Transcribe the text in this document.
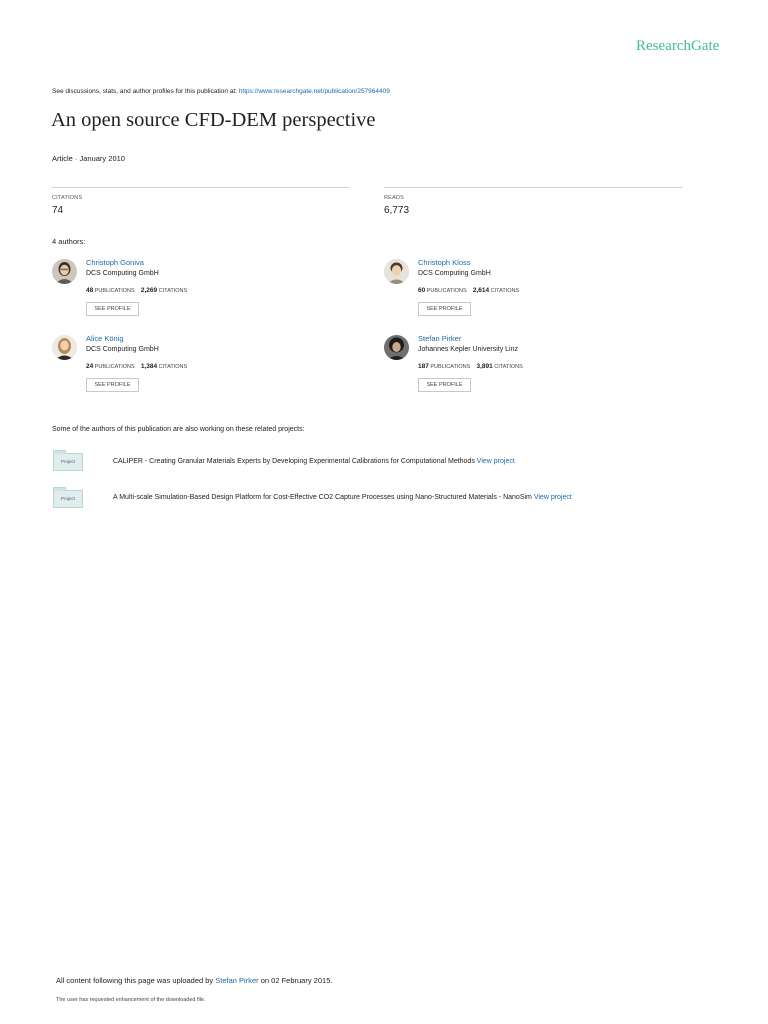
ResearchGate
See discussions, stats, and author profiles for this publication at: https://www.researchgate.net/publication/257964409
An open source CFD-DEM perspective
Article · January 2010
CITATIONS
74
READS
6,773
4 authors:
Christoph Goniva
DCS Computing GmbH
48 PUBLICATIONS 2,269 CITATIONS
SEE PROFILE
Christoph Kloss
DCS Computing GmbH
60 PUBLICATIONS 2,614 CITATIONS
SEE PROFILE
Alice König
DCS Computing GmbH
24 PUBLICATIONS 1,384 CITATIONS
SEE PROFILE
Stefan Pirker
Johannes Kepler University Linz
187 PUBLICATIONS 3,891 CITATIONS
SEE PROFILE
Some of the authors of this publication are also working on these related projects:
Project	CALIPER - Creating Granular Materials Experts by Developing Experimental Calibrations for Computational Methods View project
Project	A Multi-scale Simulation-Based Design Platform for Cost-Effective CO2 Capture Processes using Nano-Structured Materials - NanoSim View project
All content following this page was uploaded by Stefan Pirker on 02 February 2015.
The user has requested enhancement of the downloaded file.
